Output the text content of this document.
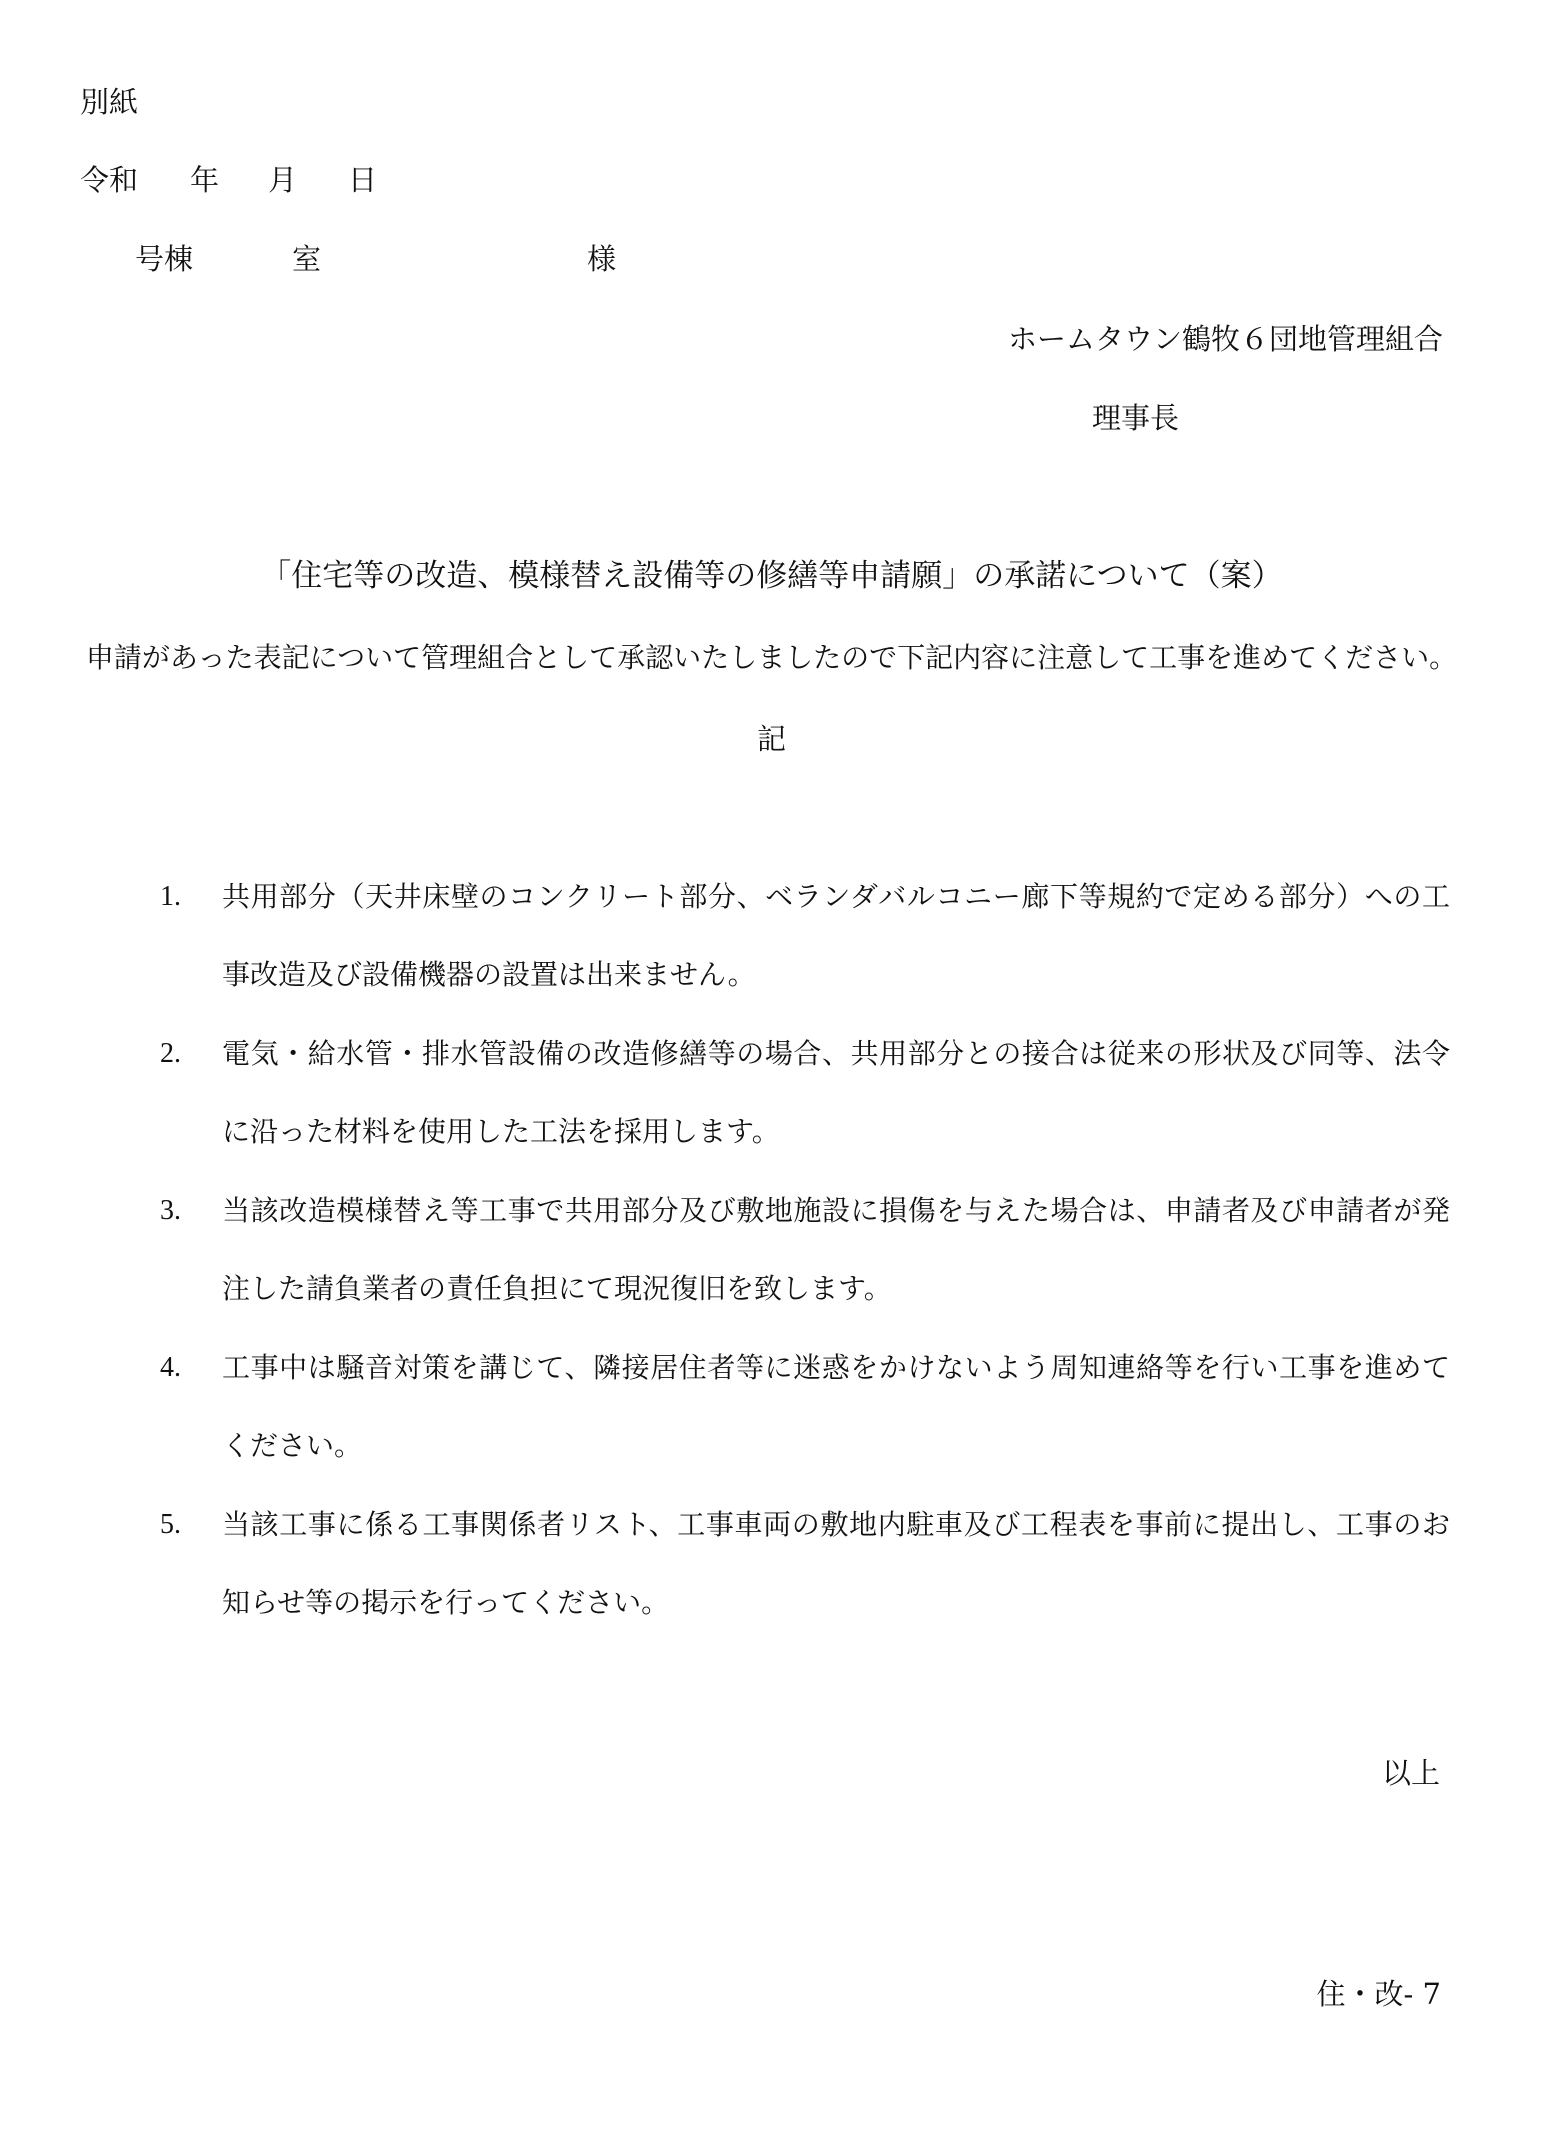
別紙
令和 年 月 日
号棟	室	様
ホームタウン鶴牧６団地管理組合
理事長
「住宅等の改造、模様替え設備等の修繕等申請願」の承諾について（案）
申請があった表記について管理組合として承認いたしましたので下記内容に注意して工事を進めてください。
記
1. 共用部分（天井床壁のコンクリート部分、ベランダバルコニー廊下等規約で定める部分）への工事改造及び設備機器の設置は出来ません。
2. 電気・給水管・排水管設備の改造修繕等の場合、共用部分との接合は従来の形状及び同等、法令に沿った材料を使用した工法を採用します。
3. 当該改造模様替え等工事で共用部分及び敷地施設に損傷を与えた場合は、申請者及び申請者が発注した請負業者の責任負担にて現況復旧を致します。
4. 工事中は騒音対策を講じて、隣接居住者等に迷惑をかけないよう周知連絡等を行い工事を進めてください。
5. 当該工事に係る工事関係者リスト、工事車両の敷地内駐車及び工程表を事前に提出し、工事のお知らせ等の掲示を行ってください。
以上
住・改- 7
